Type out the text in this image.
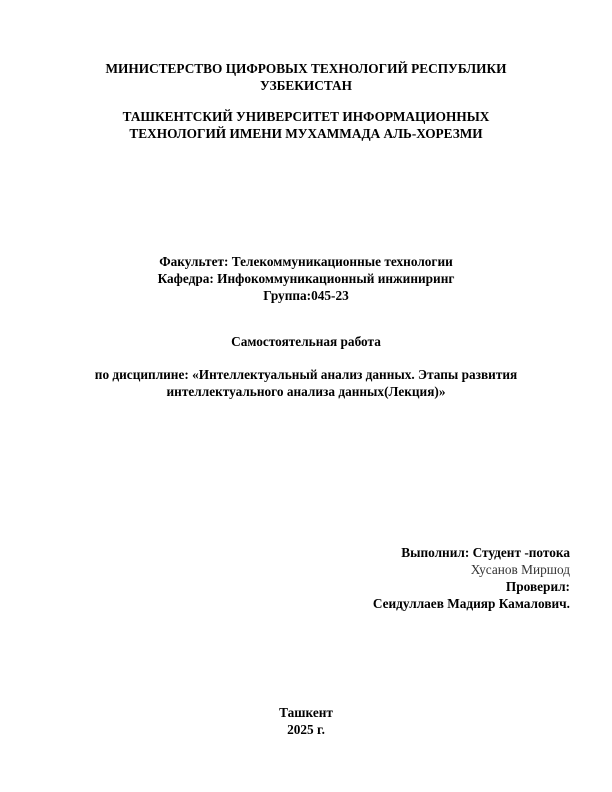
МИНИСТЕРСТВО ЦИФРОВЫХ ТЕХНОЛОГИЙ РЕСПУБЛИКИ
УЗБЕКИСТАН
ТАШКЕНТСКИЙ УНИВЕРСИТЕТ ИНФОРМАЦИОННЫХ
ТЕХНОЛОГИЙ ИМЕНИ МУХАММАДА АЛЬ-ХОРЕЗМИ
Факультет: Телекоммуникационные технологии
Кафедра: Инфокоммуникационный инжиниринг
Группа:045-23
Самостоятельная работа
по дисциплине: «Интеллектуальный анализ данных. Этапы развития
интеллектуального анализа данных(Лекция)»
Выполнил: Студент -потока
Хусанов Миршод
Проверил:
Сеидуллаев Мадияр Камалович.
Ташкент
2025 г.
